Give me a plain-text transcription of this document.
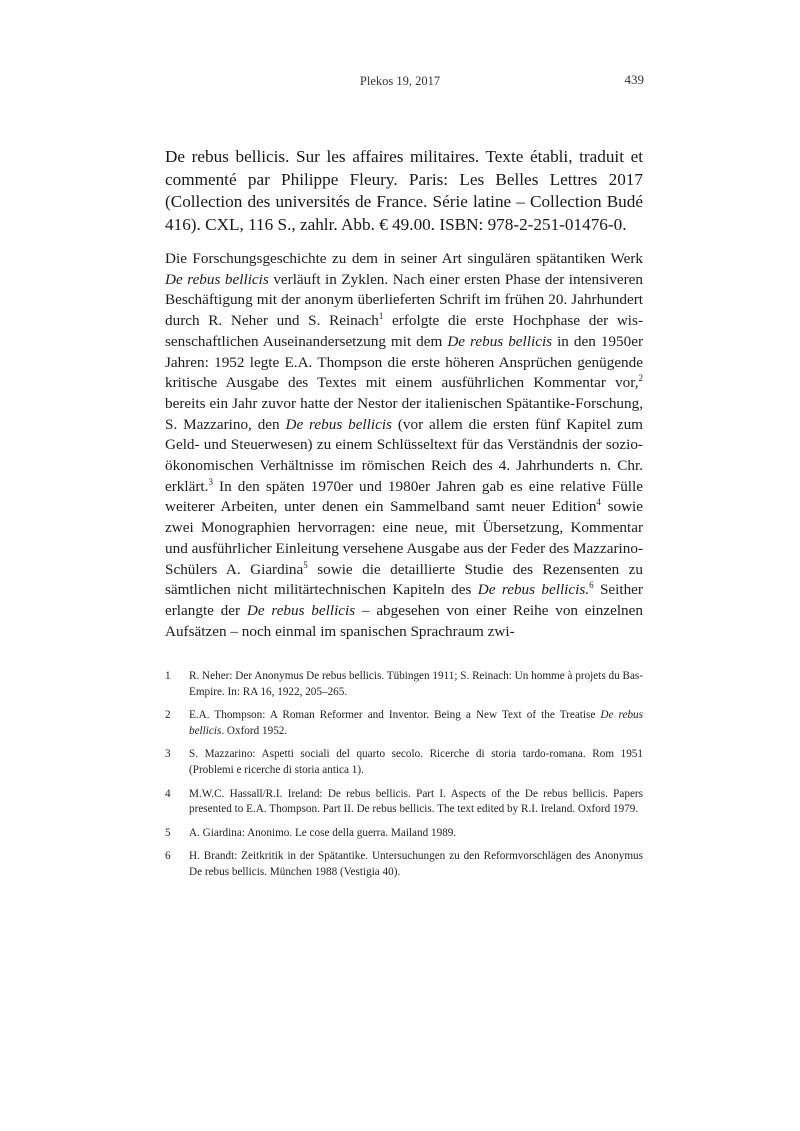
Plekos 19, 2017	439

De rebus bellicis. Sur les affaires militaires. Texte établi, traduit et commenté par Philippe Fleury. Paris: Les Belles Lettres 2017 (Collection des universités de France. Série latine – Collection Budé 416). CXL, 116 S., zahlr. Abb. € 49.00. ISBN: 978-2-251-01476-0.

Die Forschungsgeschichte zu dem in seiner Art singulären spätantiken Werk De rebus bellicis verläuft in Zyklen. Nach einer ersten Phase der intensiveren Beschäftigung mit der anonym überlieferten Schrift im frühen 20. Jahrhundert durch R. Neher und S. Reinach$^1$ erfolgte die erste Hochphase der wissenschaftlichen Auseinandersetzung mit dem De rebus bellicis in den 1950er Jahren: 1952 legte E.A. Thompson die erste höheren Ansprüchen genügende kritische Ausgabe des Textes mit einem ausführlichen Kommentar vor,$^2$ bereits ein Jahr zuvor hatte der Nestor der italienischen Spätantike-Forschung, S. Mazzarino, den De rebus bellicis (vor allem die ersten fünf Kapitel zum Geld- und Steuerwesen) zu einem Schlüsseltext für das Verständnis der sozio-ökonomischen Verhältnisse im römischen Reich des 4. Jahrhunderts n. Chr. erklärt.$^3$ In den späten 1970er und 1980er Jahren gab es eine relative Fülle weiterer Arbeiten, unter denen ein Sammelband samt neuer Edition$^4$ sowie zwei Monographien hervorragen: eine neue, mit Übersetzung, Kommentar und ausführlicher Einleitung versehene Ausgabe aus der Feder des Mazzarino-Schülers A. Giardina$^5$ sowie die detaillierte Studie des Rezensenten zu sämtlichen nicht militärtechnischen Kapiteln des De rebus bellicis.$^6$ Seither erlangte der De rebus bellicis – abgesehen von einer Reihe von einzelnen Aufsätzen – noch einmal im spanischen Sprachraum zwi-

1	R. Neher: Der Anonymus De rebus bellicis. Tübingen 1911; S. Reinach: Un homme à projets du Bas-Empire. In: RA 16, 1922, 205–265.
2	E.A. Thompson: A Roman Reformer and Inventor. Being a New Text of the Treatise De rebus bellicis. Oxford 1952.
3	S. Mazzarino: Aspetti sociali del quarto secolo. Ricerche di storia tardo-romana. Rom 1951 (Problemi e ricerche di storia antica 1).
4	M.W.C. Hassall/R.I. Ireland: De rebus bellicis. Part I. Aspects of the De rebus bellicis. Papers presented to E.A. Thompson. Part II. De rebus bellicis. The text edited by R.I. Ireland. Oxford 1979.
5	A. Giardina: Anonimo. Le cose della guerra. Mailand 1989.
6	H. Brandt: Zeitkritik in der Spätantike. Untersuchungen zu den Reformvorschlägen des Anonymus De rebus bellicis. München 1988 (Vestigia 40).
